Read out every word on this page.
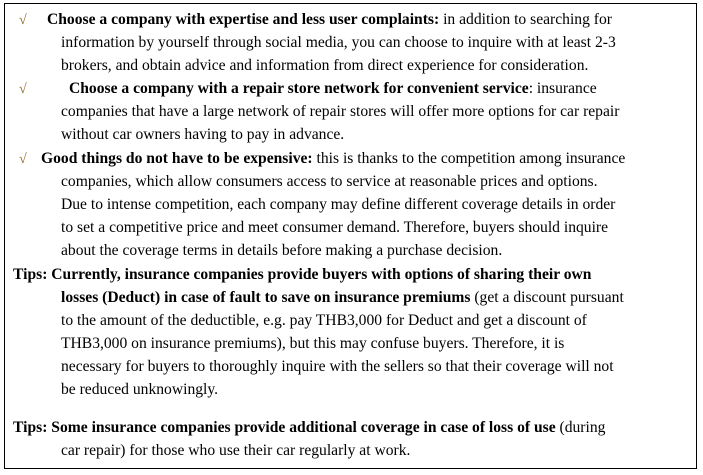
√ Choose a company with expertise and less user complaints: in addition to searching for
information by yourself through social media, you can choose to inquire with at least 2-3
brokers, and obtain advice and information from direct experience for consideration.
√	Choose a company with a repair store network for convenient service: insurance
companies that have a large network of repair stores will offer more options for car repair
without car owners having to pay in advance.
√ Good things do not have to be expensive: this is thanks to the competition among insurance
companies, which allow consumers access to service at reasonable prices and options.
Due to intense competition, each company may define different coverage details in order
to set a competitive price and meet consumer demand. Therefore, buyers should inquire
about the coverage terms in details before making a purchase decision.
Tips: Currently, insurance companies provide buyers with options of sharing their own
losses (Deduct) in case of fault to save on insurance premiums (get a discount pursuant
to the amount of the deductible, e.g. pay THB3,000 for Deduct and get a discount of
THB3,000 on insurance premiums), but this may confuse buyers. Therefore, it is
necessary for buyers to thoroughly inquire with the sellers so that their coverage will not
be reduced unknowingly.
Tips: Some insurance companies provide additional coverage in case of loss of use (during
car repair) for those who use their car regularly at work.
